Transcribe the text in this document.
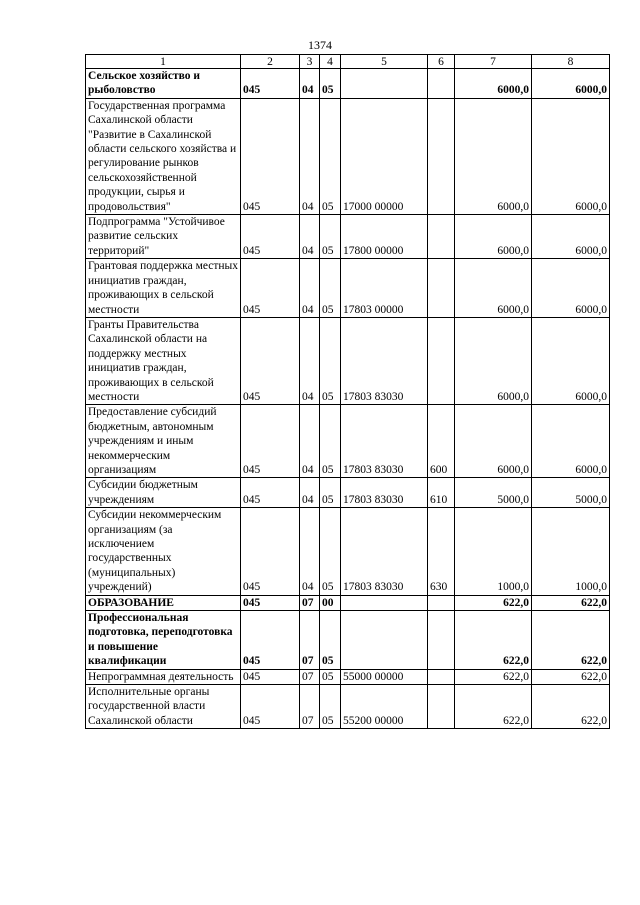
1374
1	2	3	4	5	6	7	8
Сельское хозяйство и рыболовство	045	04	05			6000,0	6000,0
Государственная программа Сахалинской области "Развитие в Сахалинской области сельского хозяйства и регулирование рынков сельскохозяйственной продукции, сырья и продовольствия"	045	04	05	17000 00000		6000,0	6000,0
Подпрограмма "Устойчивое развитие сельских территорий"	045	04	05	17800 00000		6000,0	6000,0
Грантовая поддержка местных инициатив граждан, проживающих в сельской местности	045	04	05	17803 00000		6000,0	6000,0
Гранты Правительства Сахалинской области на поддержку местных инициатив граждан, проживающих в сельской местности	045	04	05	17803 83030		6000,0	6000,0
Предоставление субсидий бюджетным, автономным учреждениям и иным некоммерческим организациям	045	04	05	17803 83030	600	6000,0	6000,0
Субсидии бюджетным учреждениям	045	04	05	17803 83030	610	5000,0	5000,0
Субсидии некоммерческим организациям (за исключением государственных (муниципальных) учреждений)	045	04	05	17803 83030	630	1000,0	1000,0
ОБРАЗОВАНИЕ	045	07	00			622,0	622,0
Профессиональная подготовка, переподготовка и повышение квалификации	045	07	05			622,0	622,0
Непрограммная деятельность	045	07	05	55000 00000		622,0	622,0
Исполнительные органы государственной власти Сахалинской области	045	07	05	55200 00000		622,0	622,0
